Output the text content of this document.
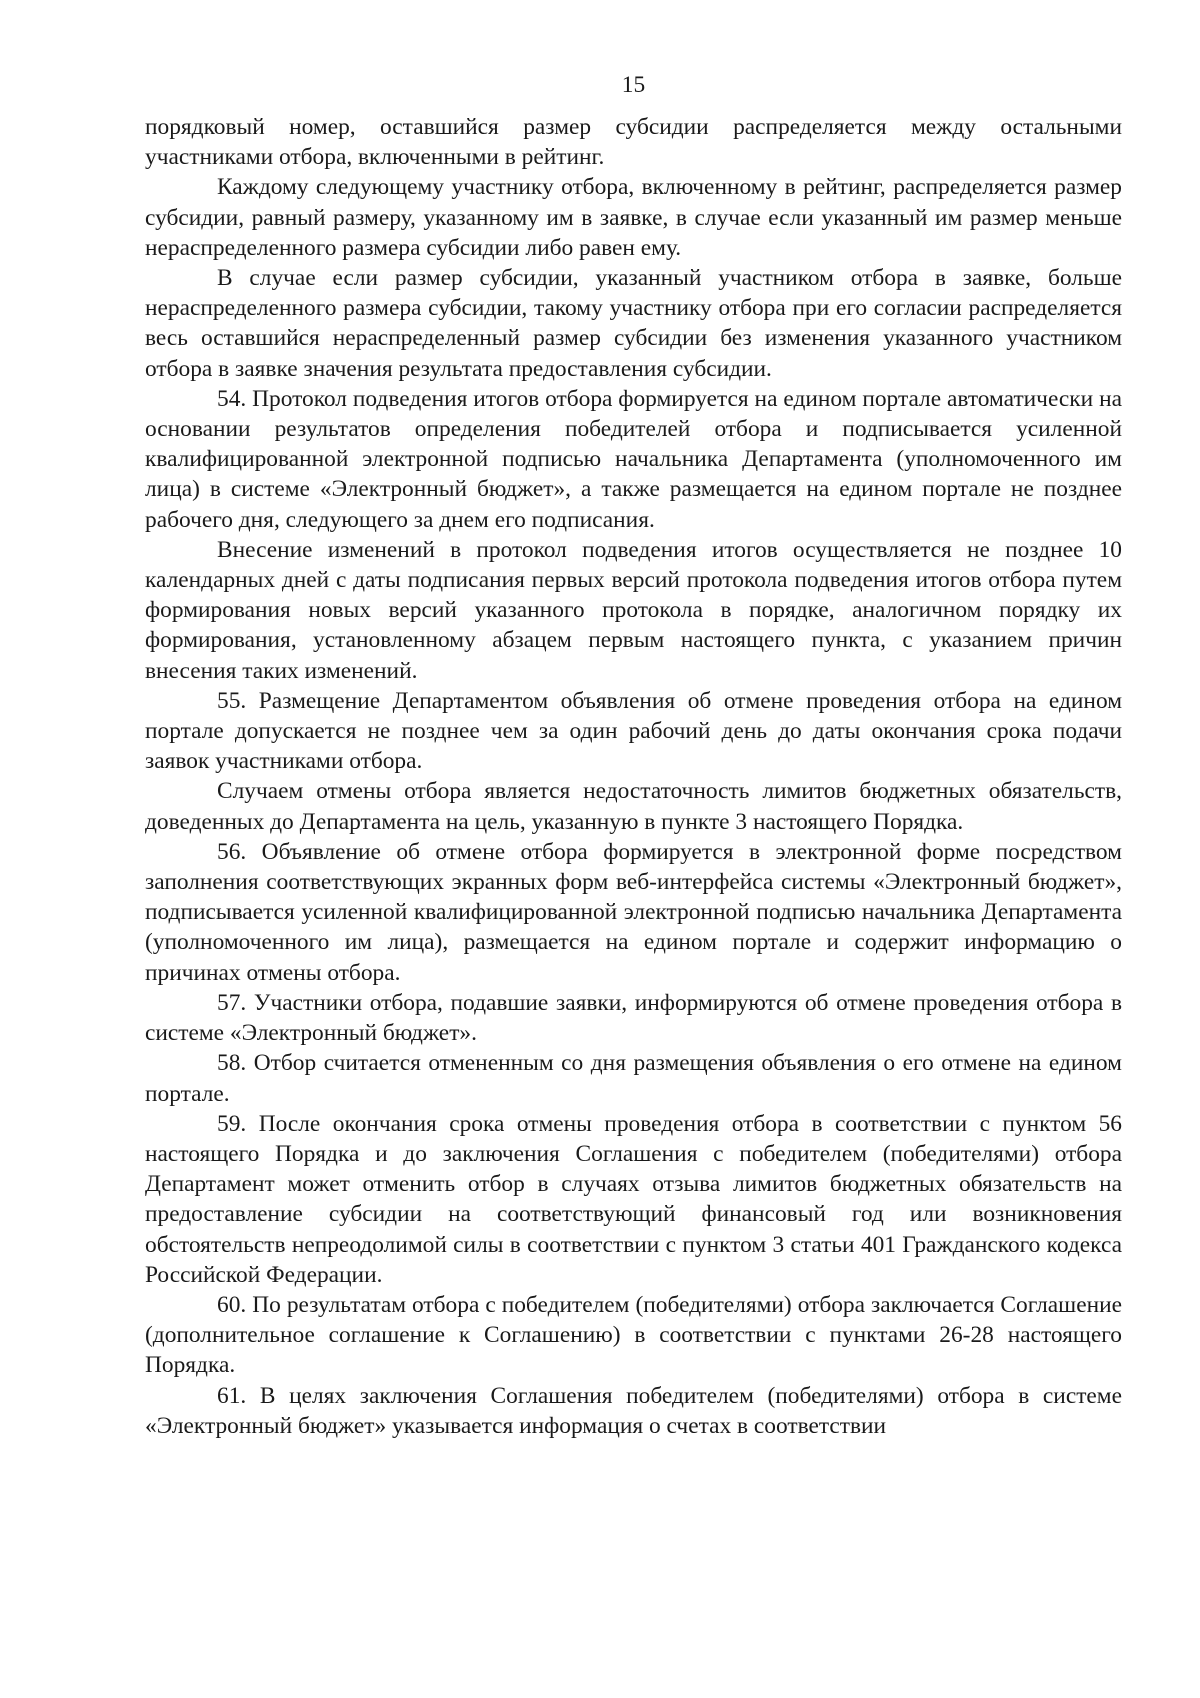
15

порядковый номер, оставшийся размер субсидии распределяется между остальными участниками отбора, включенными в рейтинг.

Каждому следующему участнику отбора, включенному в рейтинг, распределяется размер субсидии, равный размеру, указанному им в заявке, в случае если указанный им размер меньше нераспределенного размера субсидии либо равен ему.

В случае если размер субсидии, указанный участником отбора в заявке, больше нераспределенного размера субсидии, такому участнику отбора при его согласии распределяется весь оставшийся нераспределенный размер субсидии без изменения указанного участником отбора в заявке значения результата предоставления субсидии.

54. Протокол подведения итогов отбора формируется на едином портале автоматически на основании результатов определения победителей отбора и подписывается усиленной квалифицированной электронной подписью начальника Департамента (уполномоченного им лица) в системе «Электронный бюджет», а также размещается на едином портале не позднее рабочего дня, следующего за днем его подписания.

Внесение изменений в протокол подведения итогов осуществляется не позднее 10 календарных дней с даты подписания первых версий протокола подведения итогов отбора путем формирования новых версий указанного протокола в порядке, аналогичном порядку их формирования, установленному абзацем первым настоящего пункта, с указанием причин внесения таких изменений.

55. Размещение Департаментом объявления об отмене проведения отбора на едином портале допускается не позднее чем за один рабочий день до даты окончания срока подачи заявок участниками отбора.

Случаем отмены отбора является недостаточность лимитов бюджетных обязательств, доведенных до Департамента на цель, указанную в пункте 3 настоящего Порядка.

56. Объявление об отмене отбора формируется в электронной форме посредством заполнения соответствующих экранных форм веб-интерфейса системы «Электронный бюджет», подписывается усиленной квалифицированной электронной подписью начальника Департамента (уполномоченного им лица), размещается на едином портале и содержит информацию о причинах отмены отбора.

57. Участники отбора, подавшие заявки, информируются об отмене проведения отбора в системе «Электронный бюджет».

58. Отбор считается отмененным со дня размещения объявления о его отмене на едином портале.

59. После окончания срока отмены проведения отбора в соответствии с пунктом 56 настоящего Порядка и до заключения Соглашения с победителем (победителями) отбора Департамент может отменить отбор в случаях отзыва лимитов бюджетных обязательств на предоставление субсидии на соответствующий финансовый год или возникновения обстоятельств непреодолимой силы в соответствии с пунктом 3 статьи 401 Гражданского кодекса Российской Федерации.

60. По результатам отбора с победителем (победителями) отбора заключается Соглашение (дополнительное соглашение к Соглашению) в соответствии с пунктами 26-28 настоящего Порядка.

61. В целях заключения Соглашения победителем (победителями) отбора в системе «Электронный бюджет» указывается информация о счетах в соответствии
